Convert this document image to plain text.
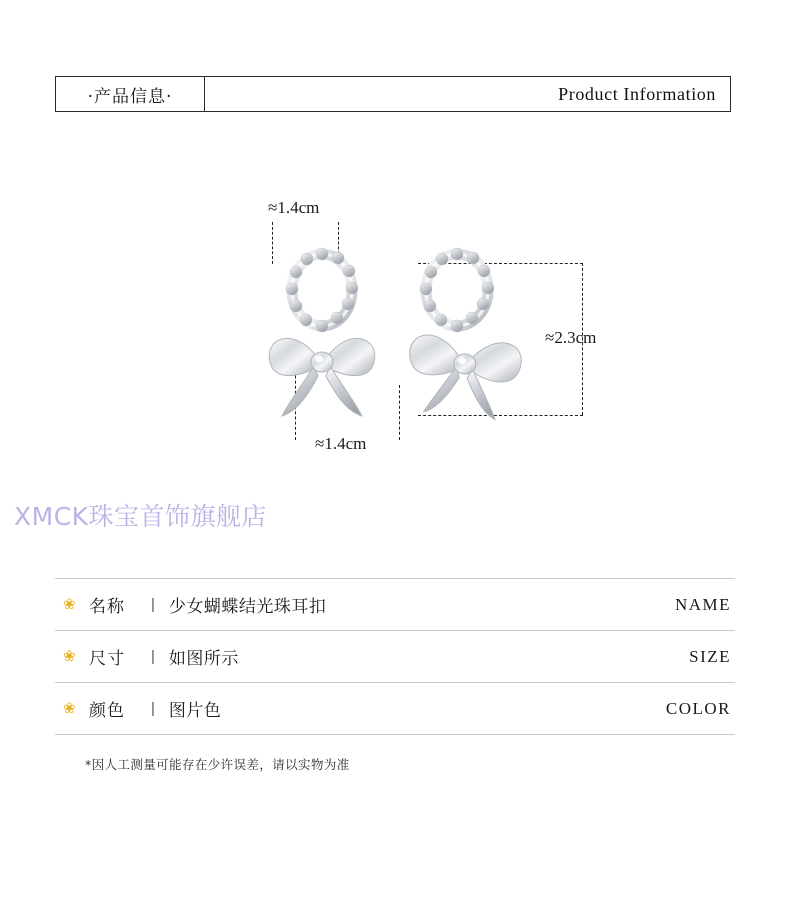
·产品信息·	Product Information
≈1.4cm
≈1.4cm
≈2.3cm
XMCK珠宝首饰旗舰店
❀ 名称	| 少女蝴蝶结光珠耳扣	NAME
❀ 尺寸	| 如图所示	SIZE
❀ 颜色	| 图片色	COLOR
*因人工测量可能存在少许误差，请以实物为准
